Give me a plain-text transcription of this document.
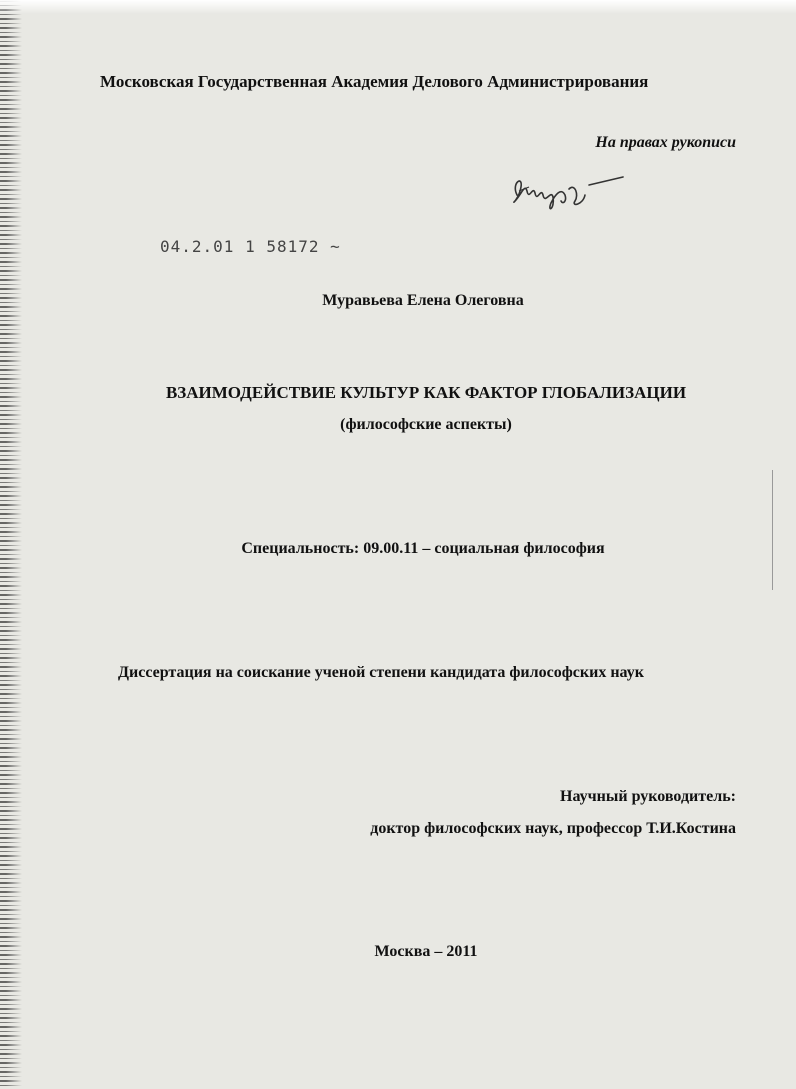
Московская Государственная Академия Делового Администрирования
На правах рукописи
04.2.01 1 58172 ~
Муравьева Елена Олеговна
ВЗАИМОДЕЙСТВИЕ КУЛЬТУР КАК ФАКТОР ГЛОБАЛИЗАЦИИ
(философские аспекты)
Специальность: 09.00.11 – социальная философия
Диссертация на соискание ученой степени кандидата философских наук
Научный руководитель:
доктор философских наук, профессор Т.И.Костина
Москва – 2011
